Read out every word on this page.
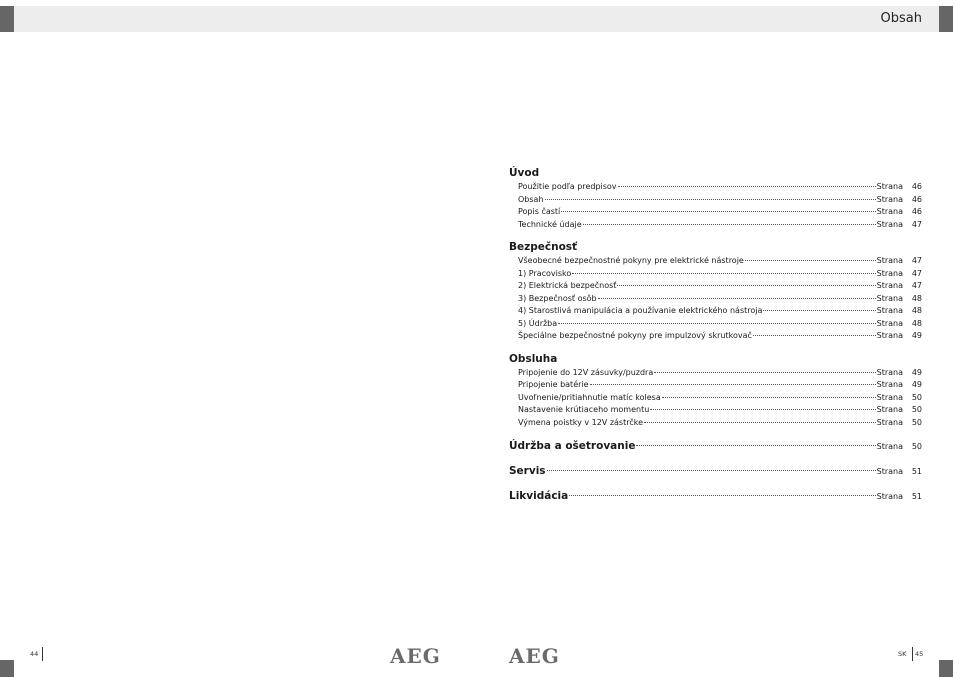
Obsah
Úvod
Použitie podľa predpisov	Strana	46
Obsah	Strana	46
Popis častí	Strana	46
Technické údaje	Strana	47
Bezpečnosť
Všeobecné bezpečnostné pokyny pre elektrické nástroje	Strana	47
1) Pracovisko	Strana	47
2) Elektrická bezpečnosť	Strana	47
3) Bezpečnosť osôb	Strana	48
4) Starostlivá manipulácia a používanie elektrického nástroja	Strana	48
5) Údržba	Strana	48
Špeciálne bezpečnostné pokyny pre impulzový skrutkovač	Strana	49
Obsluha
Pripojenie do 12V zásuvky/puzdra	Strana	49
Pripojenie batérie	Strana	49
Uvoľnenie/pritiahnutie matíc kolesa	Strana	50
Nastavenie krútiaceho momentu	Strana	50
Výmena poistky v 12V zástrčke	Strana	50
Údržba a ošetrovanie	Strana	50
Servis	Strana	51
Likvidácia	Strana	51
44	AEG	AEG	SK 45
